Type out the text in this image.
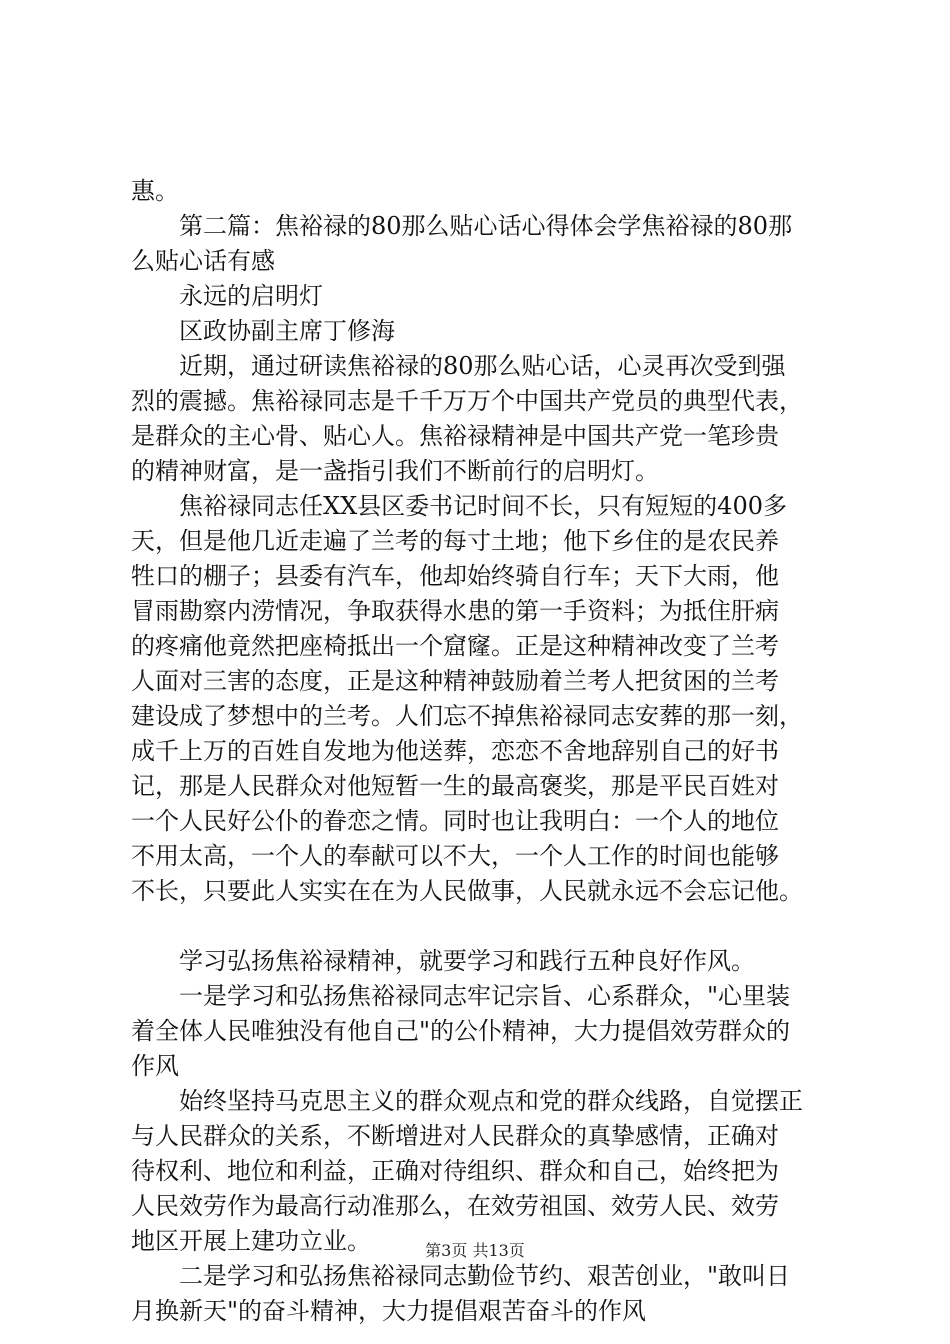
惠。
第二篇：焦裕禄的80那么贴心话心得体会学焦裕禄的80那
么贴心话有感
永远的启明灯
区政协副主席丁修海
近期，通过研读焦裕禄的80那么贴心话，心灵再次受到强
烈的震撼。焦裕禄同志是千千万万个中国共产党员的典型代表，
是群众的主心骨、贴心人。焦裕禄精神是中国共产党一笔珍贵
的精神财富，是一盏指引我们不断前行的启明灯。
焦裕禄同志任XX县区委书记时间不长，只有短短的400多
天，但是他几近走遍了兰考的每寸土地；他下乡住的是农民养
牲口的棚子；县委有汽车，他却始终骑自行车；天下大雨，他
冒雨勘察内涝情况，争取获得水患的第一手资料；为抵住肝病
的疼痛他竟然把座椅抵出一个窟窿。正是这种精神改变了兰考
人面对三害的态度，正是这种精神鼓励着兰考人把贫困的兰考
建设成了梦想中的兰考。人们忘不掉焦裕禄同志安葬的那一刻，
成千上万的百姓自发地为他送葬，恋恋不舍地辞别自己的好书
记，那是人民群众对他短暂一生的最高褒奖，那是平民百姓对
一个人民好公仆的眷恋之情。同时也让我明白：一个人的地位
不用太高，一个人的奉献可以不大，一个人工作的时间也能够
不长，只要此人实实在在为人民做事，人民就永远不会忘记他。
学习弘扬焦裕禄精神，就要学习和践行五种良好作风。
一是学习和弘扬焦裕禄同志牢记宗旨、心系群众，"心里装
着全体人民唯独没有他自己"的公仆精神，大力提倡效劳群众的
作风
始终坚持马克思主义的群众观点和党的群众线路，自觉摆正
与人民群众的关系，不断增进对人民群众的真挚感情，正确对
待权利、地位和利益，正确对待组织、群众和自己，始终把为
人民效劳作为最高行动准那么，在效劳祖国、效劳人民、效劳
地区开展上建功立业。
二是学习和弘扬焦裕禄同志勤俭节约、艰苦创业，"敢叫日
月换新天"的奋斗精神，大力提倡艰苦奋斗的作风
第3页 共13页
